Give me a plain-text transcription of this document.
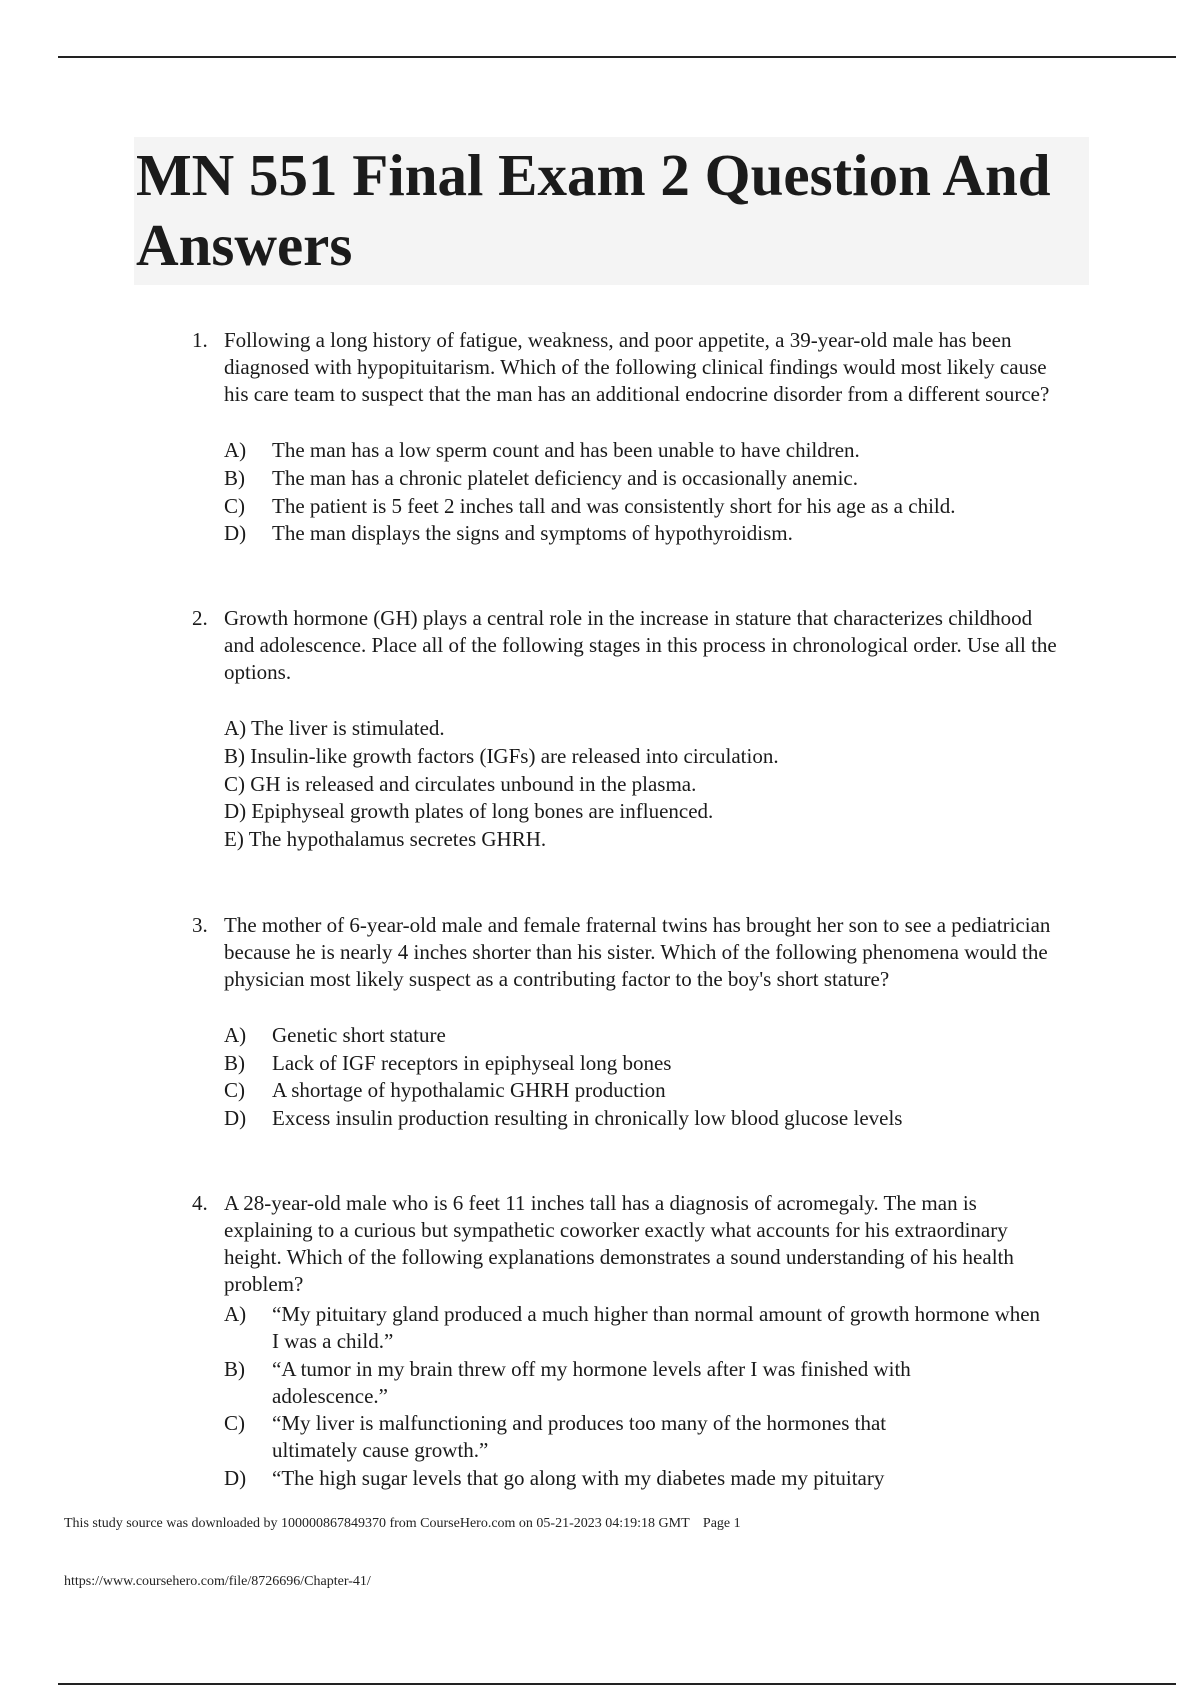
MN 551 Final Exam 2 Question And Answers
1. Following a long history of fatigue, weakness, and poor appetite, a 39-year-old male has been diagnosed with hypopituitarism. Which of the following clinical findings would most likely cause his care team to suspect that the man has an additional endocrine disorder from a different source?
A) The man has a low sperm count and has been unable to have children.
B) The man has a chronic platelet deficiency and is occasionally anemic.
C) The patient is 5 feet 2 inches tall and was consistently short for his age as a child.
D) The man displays the signs and symptoms of hypothyroidism.
2. Growth hormone (GH) plays a central role in the increase in stature that characterizes childhood and adolescence. Place all of the following stages in this process in chronological order. Use all the options.
A) The liver is stimulated.
B) Insulin-like growth factors (IGFs) are released into circulation.
C) GH is released and circulates unbound in the plasma.
D) Epiphyseal growth plates of long bones are influenced.
E) The hypothalamus secretes GHRH.
3. The mother of 6-year-old male and female fraternal twins has brought her son to see a pediatrician because he is nearly 4 inches shorter than his sister. Which of the following phenomena would the physician most likely suspect as a contributing factor to the boy's short stature?
A) Genetic short stature
B) Lack of IGF receptors in epiphyseal long bones
C) A shortage of hypothalamic GHRH production
D) Excess insulin production resulting in chronically low blood glucose levels
4. A 28-year-old male who is 6 feet 11 inches tall has a diagnosis of acromegaly. The man is explaining to a curious but sympathetic coworker exactly what accounts for his extraordinary height. Which of the following explanations demonstrates a sound understanding of his health problem?
A) “My pituitary gland produced a much higher than normal amount of growth hormone when I was a child.”
B) “A tumor in my brain threw off my hormone levels after I was finished with adolescence.”
C) “My liver is malfunctioning and produces too many of the hormones that ultimately cause growth.”
D) “The high sugar levels that go along with my diabetes made my pituitary
This study source was downloaded by 100000867849370 from CourseHero.com on 05-21-2023 04:19:18 GMT Page 1
https://www.coursehero.com/file/8726696/Chapter-41/
